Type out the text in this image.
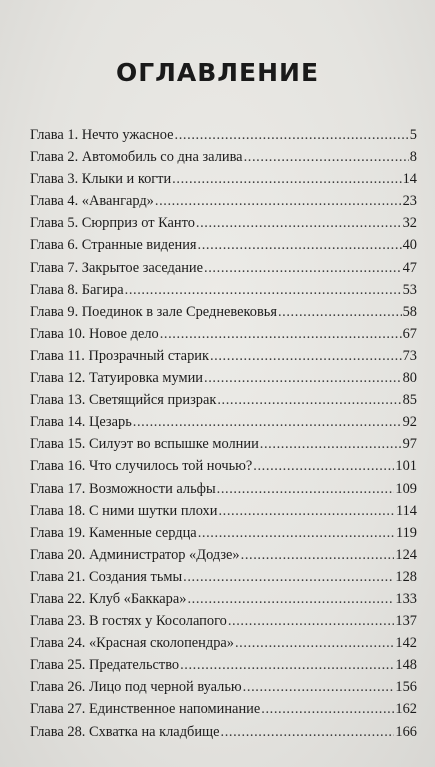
ОГЛАВЛЕНИЕ
Глава 1. Нечто ужасное .....	5
Глава 2. Автомобиль со дна залива .....	8
Глава 3. Клыки и когти .....	14
Глава 4. «Авангард» .....	23
Глава 5. Сюрприз от Канто .....	32
Глава 6. Странные видения .....	40
Глава 7. Закрытое заседание .....	47
Глава 8. Багира .....	53
Глава 9. Поединок в зале Средневековья .....	58
Глава 10. Новое дело .....	67
Глава 11. Прозрачный старик .....	73
Глава 12. Татуировка мумии .....	80
Глава 13. Светящийся призрак .....	85
Глава 14. Цезарь .....	92
Глава 15. Силуэт во вспышке молнии .....	97
Глава 16. Что случилось той ночью? .....	101
Глава 17. Возможности альфы .....	109
Глава 18. С ними шутки плохи .....	114
Глава 19. Каменные сердца .....	119
Глава 20. Администратор «Додзе» .....	124
Глава 21. Создания тьмы .....	128
Глава 22. Клуб «Баккара» .....	133
Глава 23. В гостях у Косолапого .....	137
Глава 24. «Красная сколопендра» .....	142
Глава 25. Предательство .....	148
Глава 26. Лицо под черной вуалью .....	156
Глава 27. Единственное напоминание .....	162
Глава 28. Схватка на кладбище .....	166
